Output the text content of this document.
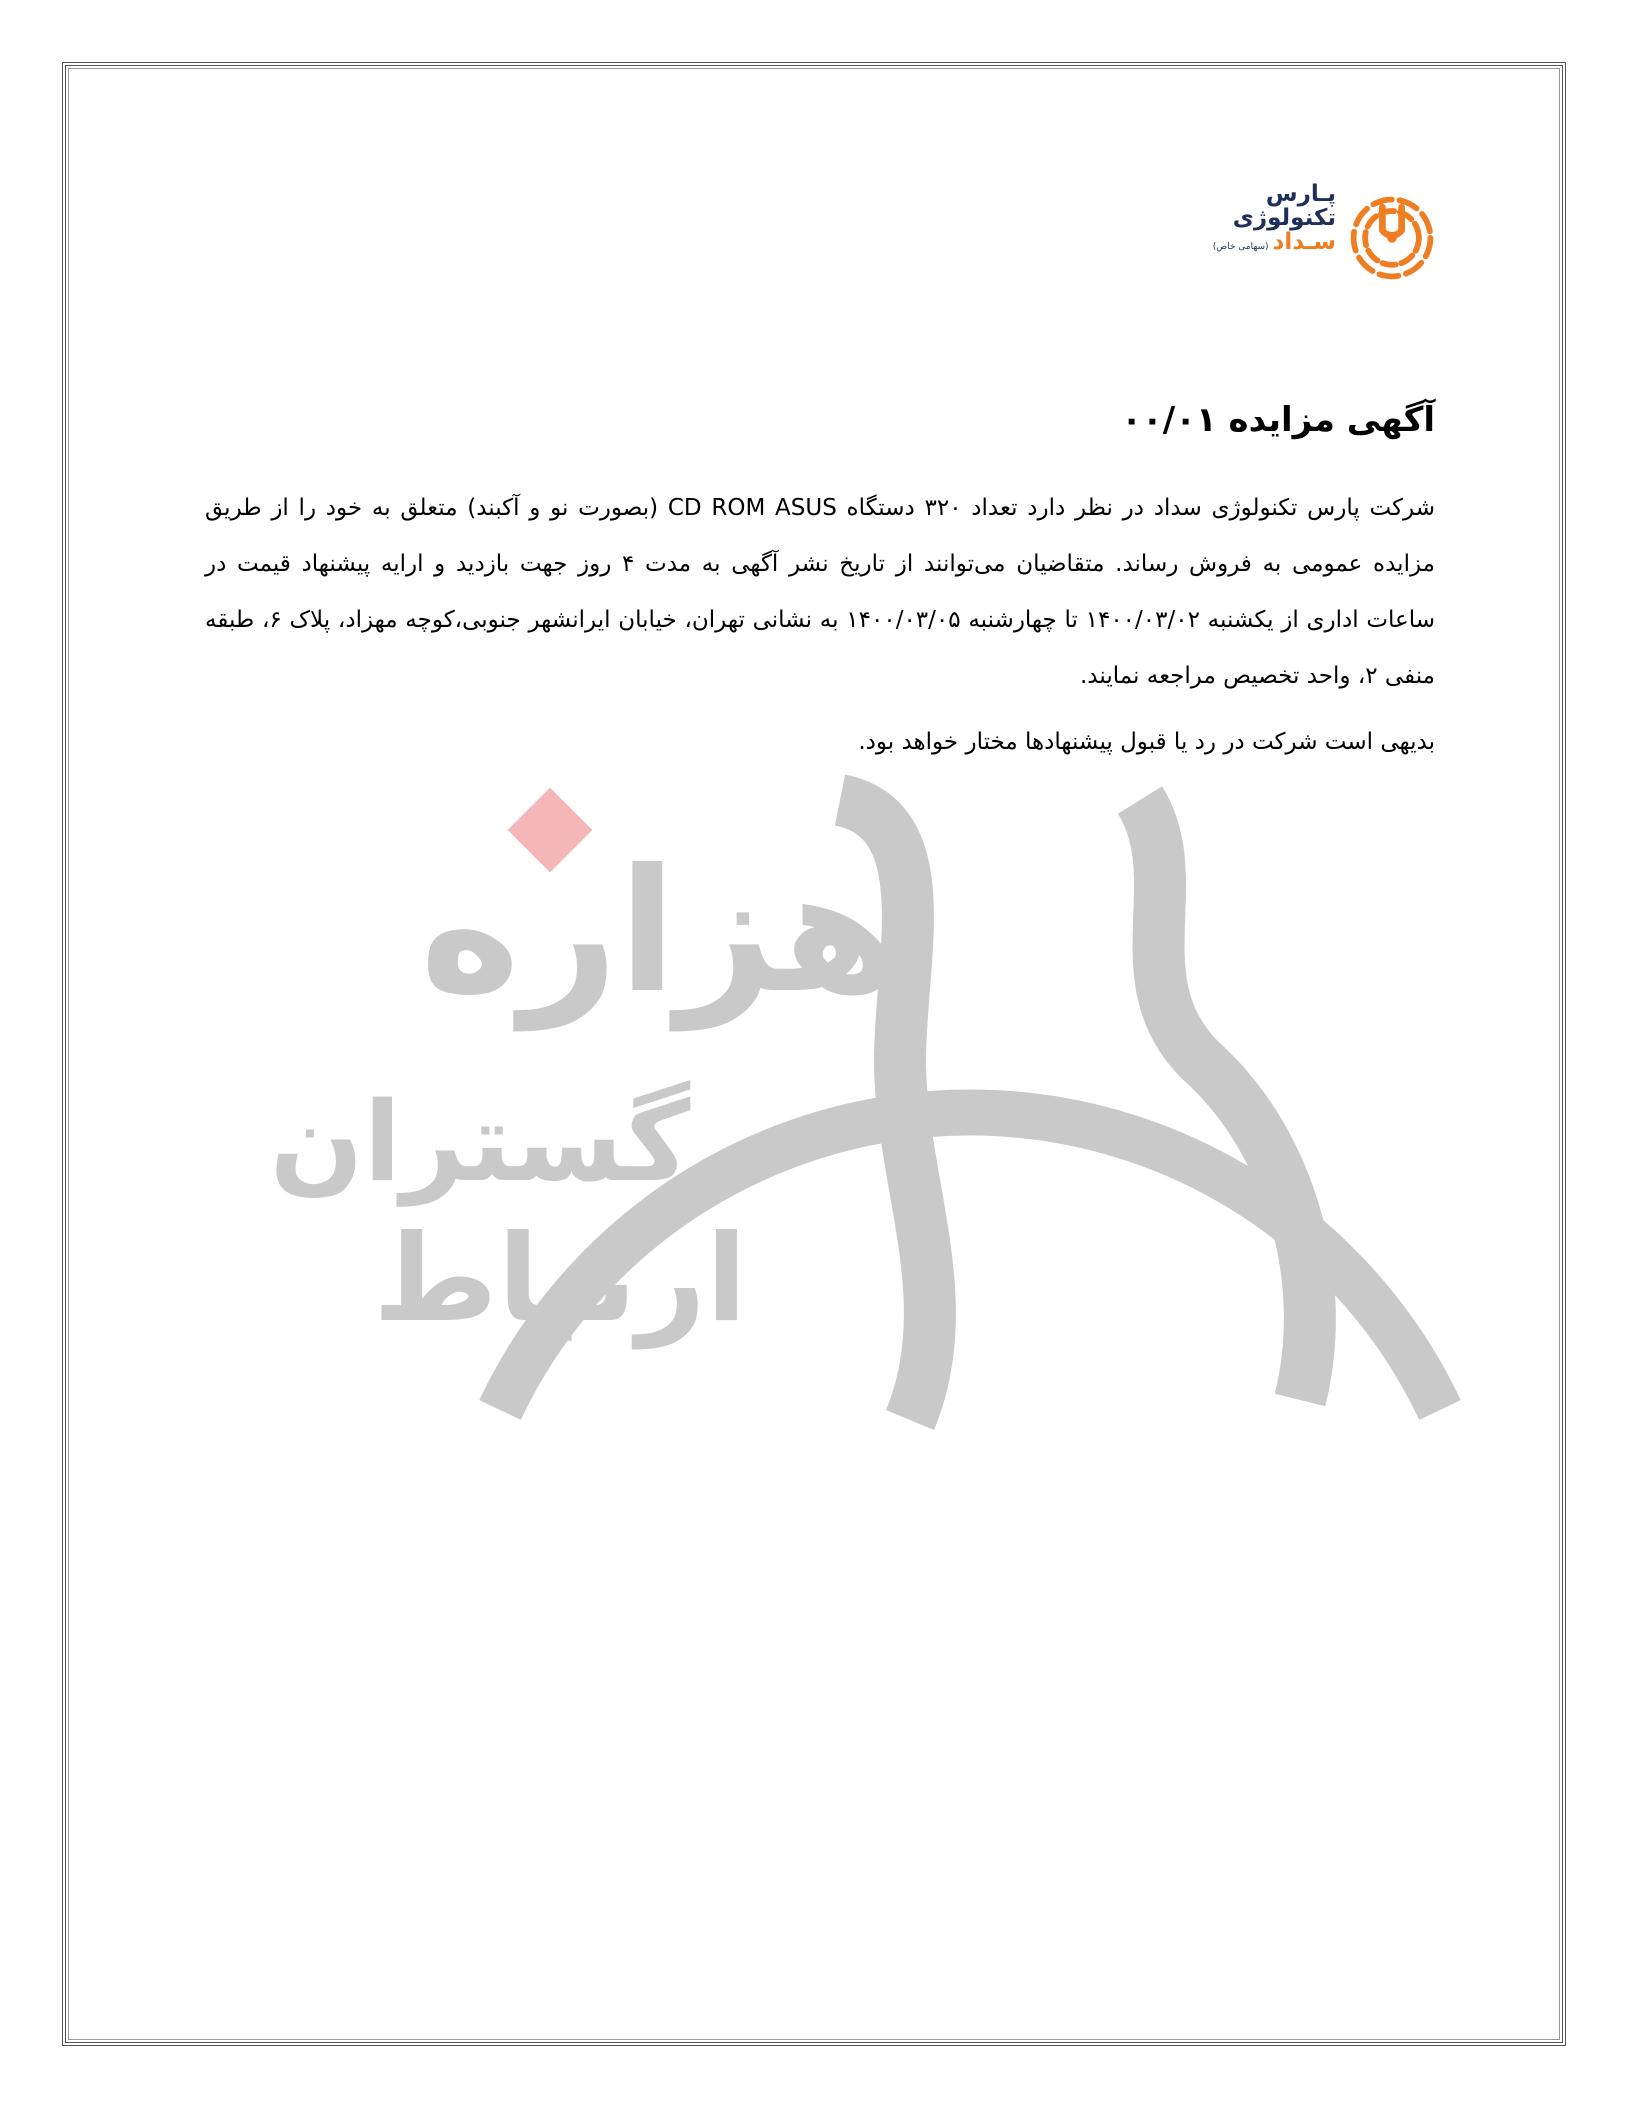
هزاره
گستران
ارتباط
پـارس
تکنولوژی
سـداد(سهامی خاص)
آگهی مزایده ۰۰/۰۱

شرکت پارس تکنولوژی سداد در نظر دارد تعداد ۳۲۰ دستگاه CD ROM ASUS (بصورت نو و آکبند) متعلق به خود را از طریق مزایده عمومی به فروش رساند. متقاضیان می‌توانند از تاریخ نشر آگهی به مدت ۴ روز جهت بازدید و ارایه پیشنهاد قیمت در ساعات اداری از یکشنبه ۱۴۰۰/۰۳/۰۲ تا چهارشنبه ۱۴۰۰/۰۳/۰۵ به نشانی تهران، خیابان ایرانشهر جنوبی،کوچه مهزاد، پلاک ۶، طبقه منفی ۲، واحد تخصیص مراجعه نمایند.

بدیهی است شرکت در رد یا قبول پیشنهادها مختار خواهد بود.
